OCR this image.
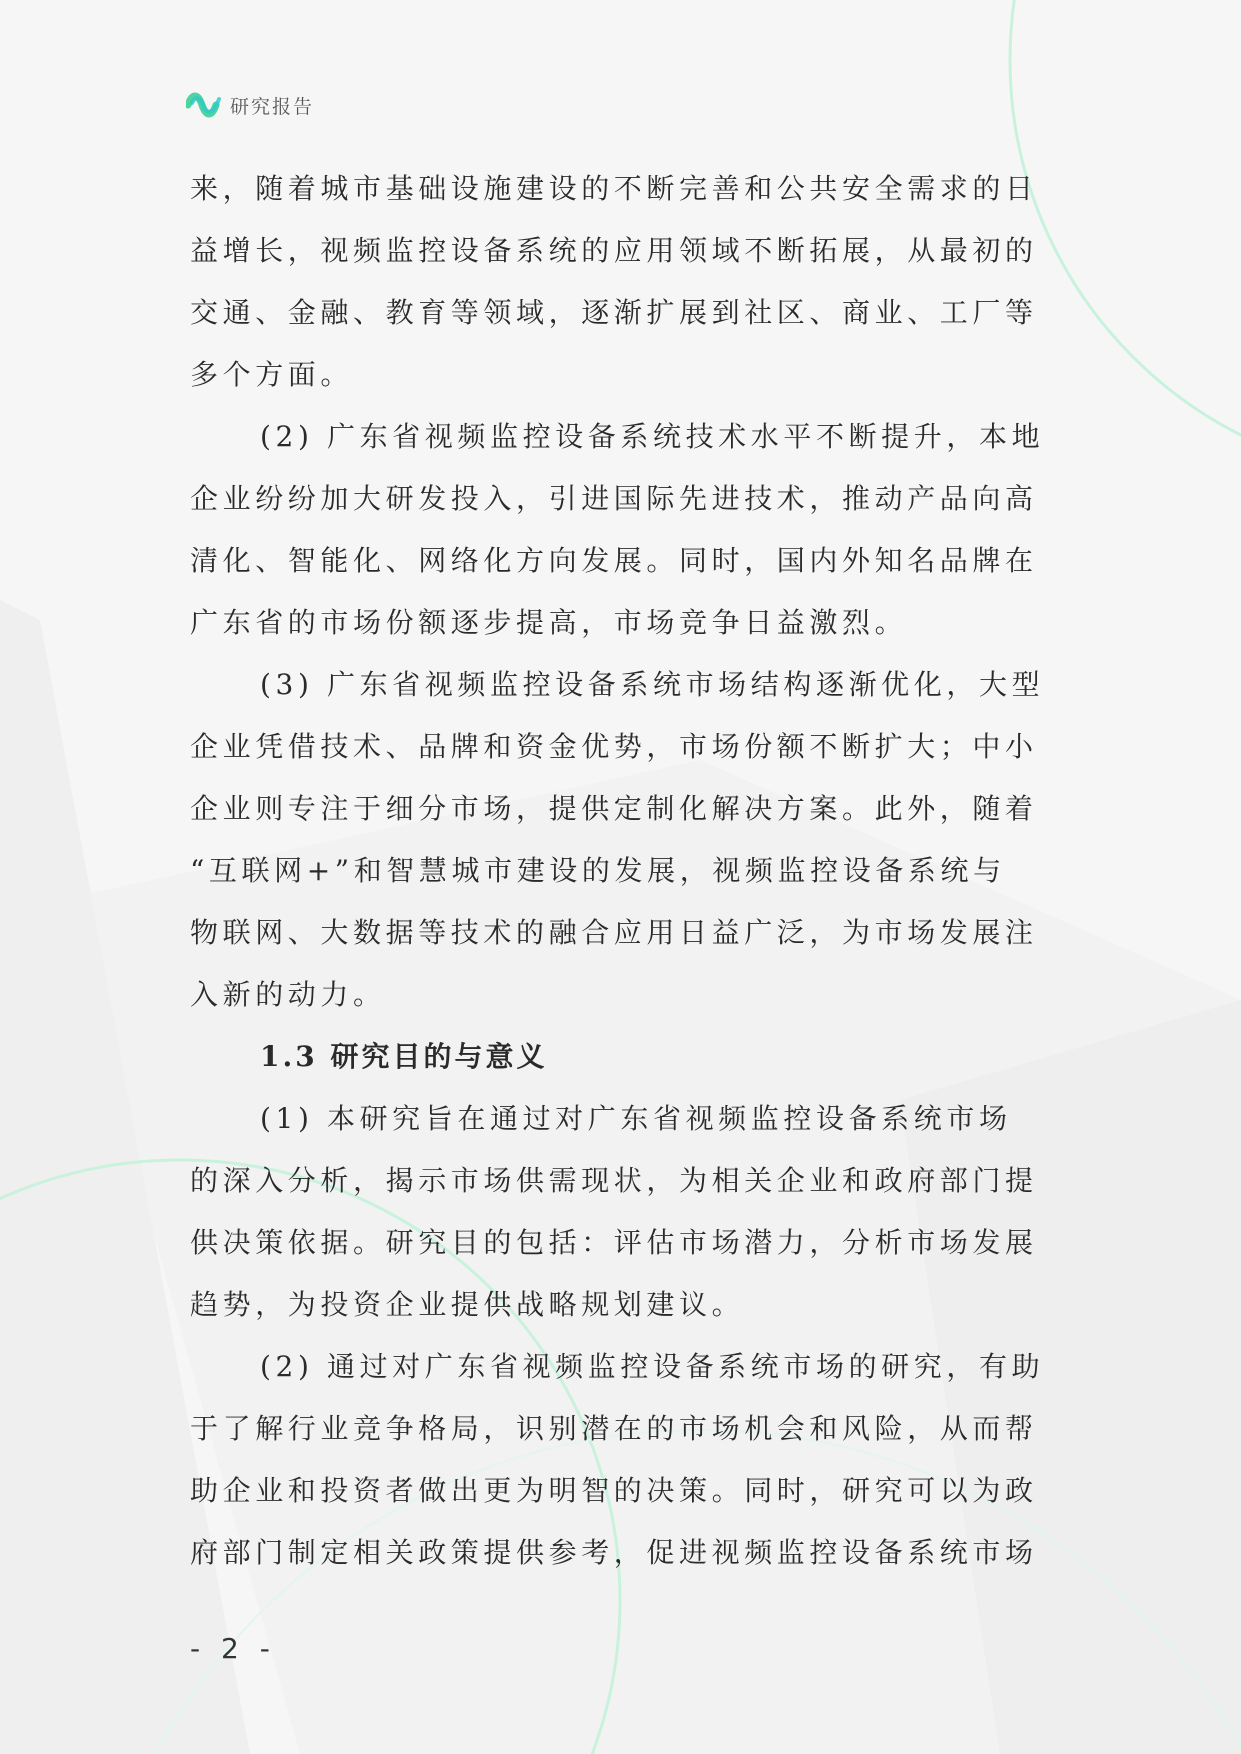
研究报告

来，随着城市基础设施建设的不断完善和公共安全需求的日

益增长，视频监控设备系统的应用领域不断拓展，从最初的

交通、金融、教育等领域，逐渐扩展到社区、商业、工厂等

多个方面。

(2) 广东省视频监控设备系统技术水平不断提升，本地

企业纷纷加大研发投入，引进国际先进技术，推动产品向高

清化、智能化、网络化方向发展。同时，国内外知名品牌在

广东省的市场份额逐步提高，市场竞争日益激烈。

(3) 广东省视频监控设备系统市场结构逐渐优化，大型

企业凭借技术、品牌和资金优势，市场份额不断扩大；中小

企业则专注于细分市场，提供定制化解决方案。此外，随着

“互联网+”和智慧城市建设的发展，视频监控设备系统与

物联网、大数据等技术的融合应用日益广泛，为市场发展注

入新的动力。

1.3 研究目的与意义

(1) 本研究旨在通过对广东省视频监控设备系统市场

的深入分析，揭示市场供需现状，为相关企业和政府部门提

供决策依据。研究目的包括：评估市场潜力，分析市场发展

趋势，为投资企业提供战略规划建议。

(2) 通过对广东省视频监控设备系统市场的研究，有助

于了解行业竞争格局，识别潜在的市场机会和风险，从而帮

助企业和投资者做出更为明智的决策。同时，研究可以为政

府部门制定相关政策提供参考，促进视频监控设备系统市场

- 2 -
